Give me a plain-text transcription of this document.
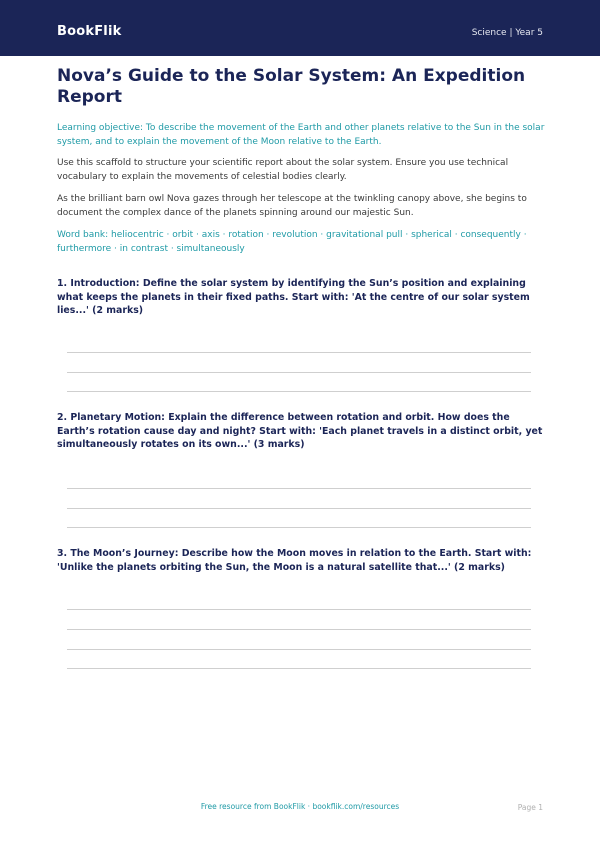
BookFlik	Science | Year 5
Nova’s Guide to the Solar System: An Expedition Report

Learning objective: To describe the movement of the Earth and other planets relative to the Sun in the solar system, and to explain the movement of the Moon relative to the Earth.

Use this scaffold to structure your scientific report about the solar system. Ensure you use technical vocabulary to explain the movements of celestial bodies clearly.

As the brilliant barn owl Nova gazes through her telescope at the twinkling canopy above, she begins to document the complex dance of the planets spinning around our majestic Sun.

Word bank: heliocentric · orbit · axis · rotation · revolution · gravitational pull · spherical · consequently · furthermore · in contrast · simultaneously

1. Introduction: Define the solar system by identifying the Sun’s position and explaining what keeps the planets in their fixed paths. Start with: 'At the centre of our solar system lies...' (2 marks)

2. Planetary Motion: Explain the difference between rotation and orbit. How does the Earth’s rotation cause day and night? Start with: 'Each planet travels in a distinct orbit, yet simultaneously rotates on its own...' (3 marks)

3. The Moon’s Journey: Describe how the Moon moves in relation to the Earth. Start with: 'Unlike the planets orbiting the Sun, the Moon is a natural satellite that...' (2 marks)

Free resource from BookFlik · bookflik.com/resources	Page 1
